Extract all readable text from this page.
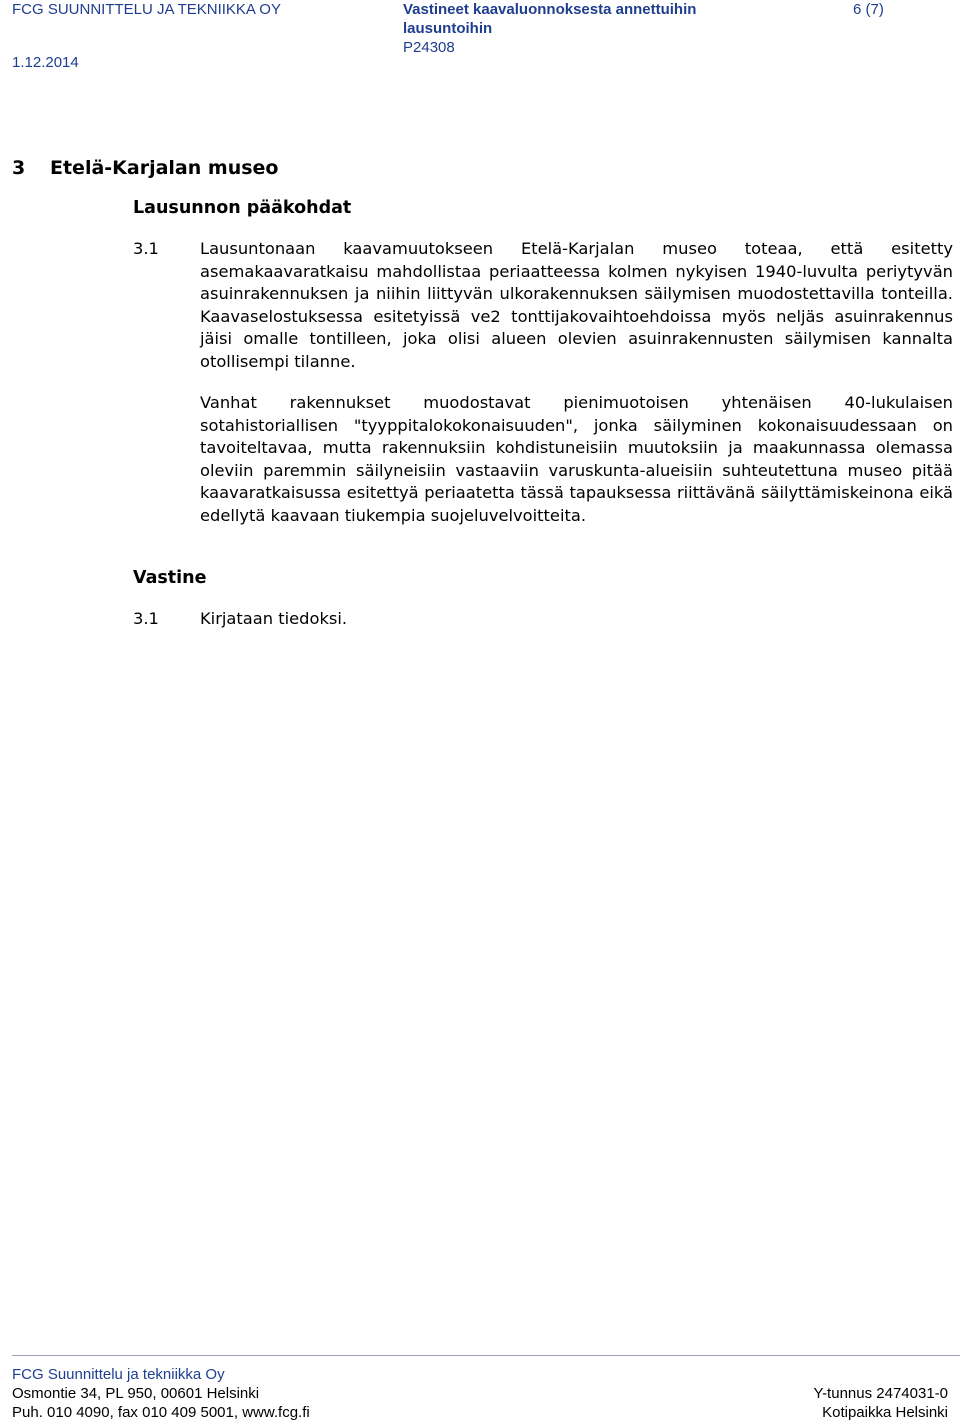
FCG SUUNNITTELU JA TEKNIIKKA OY
1.12.2014
Vastineet kaavaluonnoksesta annettuihin
lausuntoihin
P24308
6 (7)
3 Etelä-Karjalan museo
Lausunnon pääkohdat
3.1	Lausuntonaan kaavamuutokseen Etelä-Karjalan museo toteaa, että esitetty asemakaavaratkaisu mahdollistaa periaatteessa kolmen nykyisen 1940-luvulta periytyvän asuinrakennuksen ja niihin liittyvän ulkorakennuksen säilymisen muodostettavilla tonteilla. Kaavaselostuksessa esitetyissä ve2 tonttijakovaihtoehdoissa myös neljäs asuinrakennus jäisi omalle tontilleen, joka olisi alueen olevien asuinrakennusten säilymisen kannalta otollisempi tilanne.
Vanhat rakennukset muodostavat pienimuotoisen yhtenäisen 40-lukulaisen sotahistoriallisen "tyyppitalokokonaisuuden", jonka säilyminen kokonaisuudessaan on tavoiteltavaa, mutta rakennuksiin kohdistuneisiin muutoksiin ja maakunnassa olemassa oleviin paremmin säilyneisiin vastaaviin varuskunta-alueisiin suhteutettuna museo pitää kaavaratkaisussa esitettyä periaatetta tässä tapauksessa riittävänä säilyttämiskeinona eikä edellytä kaavaan tiukempia suojeluvelvoitteita.
Vastine
3.1	Kirjataan tiedoksi.
FCG Suunnittelu ja tekniikka Oy
Osmontie 34, PL 950, 00601 Helsinki
Puh. 010 4090, fax 010 409 5001, www.fcg.fi
Y-tunnus 2474031-0
Kotipaikka Helsinki
